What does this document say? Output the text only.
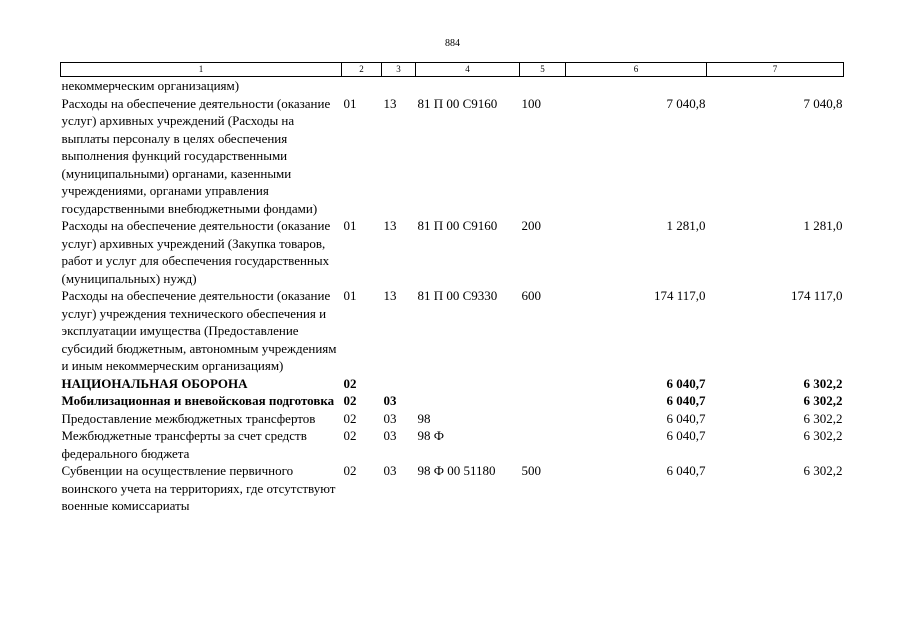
884
1	2	3	4	5	6	7
некоммерческим организациям)						
Расходы на обеспечение деятельности (оказание услуг) архивных учреждений (Расходы на выплаты персоналу в целях обеспечения выполнения функций государственными (муниципальными) органами, казенными учреждениями, органами управления государственными внебюджетными фондами)	01	13	81 П 00 С9160	100	7 040,8	7 040,8
Расходы на обеспечение деятельности (оказание услуг) архивных учреждений (Закупка товаров, работ и услуг для обеспечения государственных (муниципальных) нужд)	01	13	81 П 00 С9160	200	1 281,0	1 281,0
Расходы на обеспечение деятельности (оказание услуг) учреждения технического обеспечения и эксплуатации имущества (Предоставление субсидий бюджетным, автономным учреждениям и иным некоммерческим организациям)	01	13	81 П 00 С9330	600	174 117,0	174 117,0
НАЦИОНАЛЬНАЯ ОБОРОНА	02				6 040,7	6 302,2
Мобилизационная и вневойсковая подготовка	02	03			6 040,7	6 302,2
Предоставление межбюджетных трансфертов	02	03	98		6 040,7	6 302,2
Межбюджетные трансферты за счет средств федерального бюджета	02	03	98 Ф		6 040,7	6 302,2
Субвенции на осуществление первичного воинского учета на территориях, где отсутствуют военные комиссариаты	02	03	98 Ф 00 51180	500	6 040,7	6 302,2
